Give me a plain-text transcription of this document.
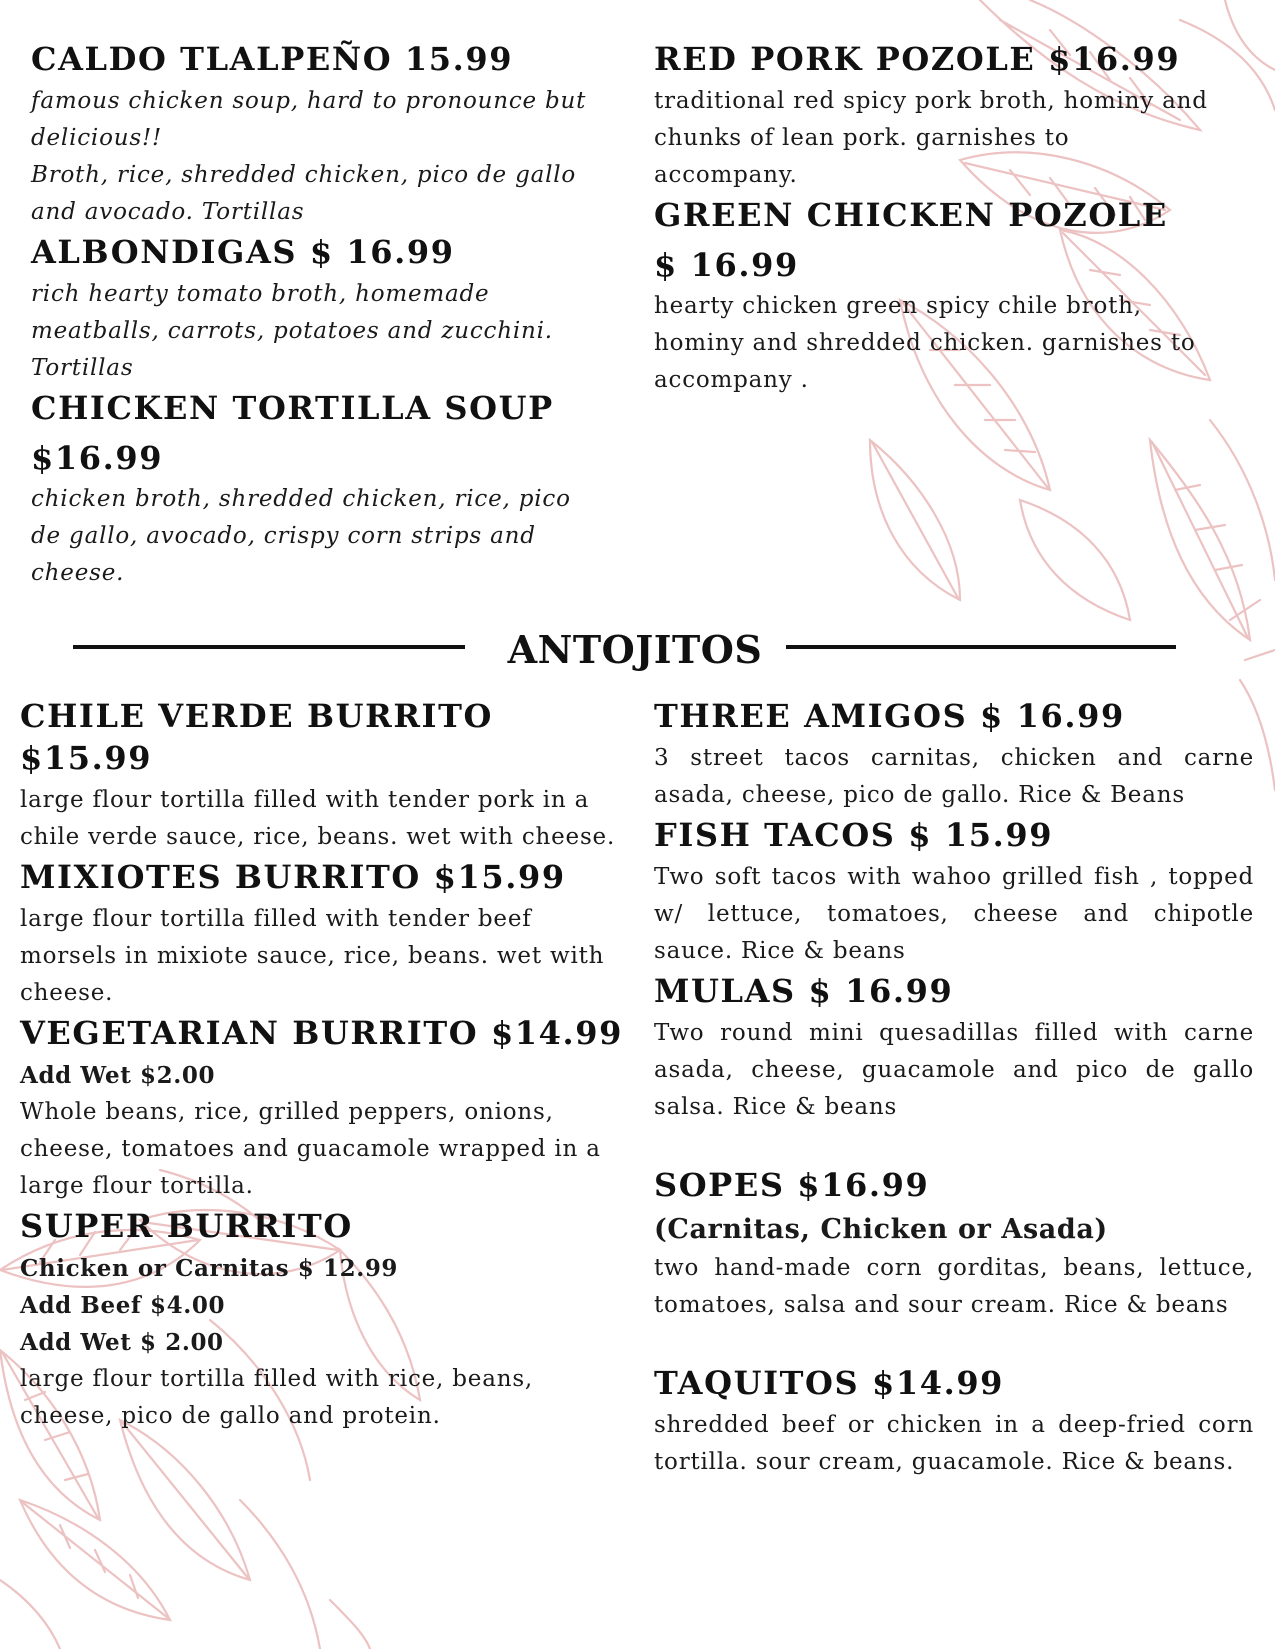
CALDO TLALPEÑO 15.99

famous chicken soup, hard to pronounce but delicious!!

Broth, rice, shredded chicken, pico de gallo and avocado. Tortillas

ALBONDIGAS $ 16.99

rich hearty tomato broth, homemade meatballs, carrots, potatoes and zucchini. Tortillas

CHICKEN TORTILLA SOUP
$16.99

chicken broth, shredded chicken, rice, pico de gallo, avocado, crispy corn strips and cheese.

RED PORK POZOLE $16.99

traditional red spicy pork broth, hominy and chunks of lean pork. garnishes to accompany.

GREEN CHICKEN POZOLE
$ 16.99

hearty chicken green spicy chile broth, hominy and shredded chicken. garnishes to accompany .

ANTOJITOS
CHILE VERDE BURRITO $15.99

large flour tortilla filled with tender pork in a chile verde sauce, rice, beans. wet with cheese.

MIXIOTES BURRITO $15.99

large flour tortilla filled with tender beef morsels in mixiote sauce, rice, beans. wet with cheese.

VEGETARIAN BURRITO $14.99

Add Wet $2.00

Whole beans, rice, grilled peppers, onions, cheese, tomatoes and guacamole wrapped in a large flour tortilla.

SUPER BURRITO

Chicken or Carnitas $ 12.99

Add Beef $4.00

Add Wet $ 2.00

large flour tortilla filled with rice, beans, cheese, pico de gallo and protein.

THREE AMIGOS $ 16.99

3 street tacos carnitas, chicken and carne asada, cheese, pico de gallo. Rice & Beans

FISH TACOS $ 15.99

Two soft tacos with wahoo grilled fish , topped w/ lettuce, tomatoes, cheese and chipotle sauce. Rice & beans

MULAS $ 16.99

Two round mini quesadillas filled with carne asada, cheese, guacamole and pico de gallo salsa. Rice & beans

SOPES $16.99

(Carnitas, Chicken or Asada)

two hand-made corn gorditas, beans, lettuce, tomatoes, salsa and sour cream. Rice & beans

TAQUITOS $14.99

shredded beef or chicken in a deep-fried corn tortilla. sour cream, guacamole. Rice & beans.
